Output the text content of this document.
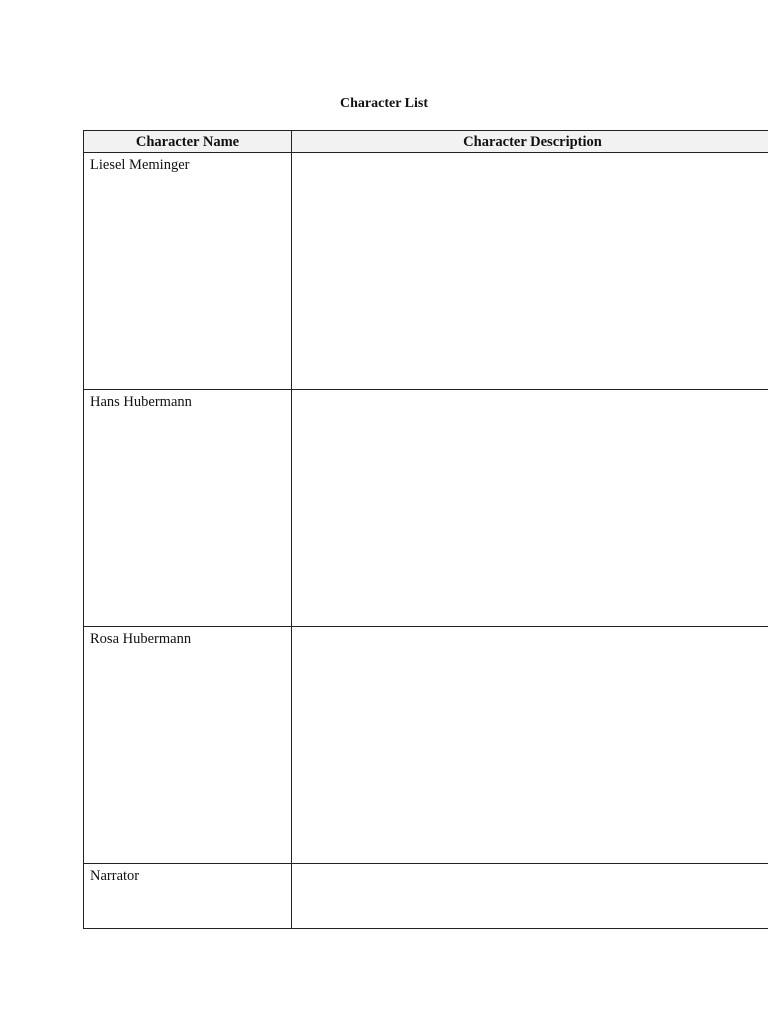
Character List
Character Name	Character Description
Liesel Meminger	
Hans Hubermann	
Rosa Hubermann	
Narrator	
